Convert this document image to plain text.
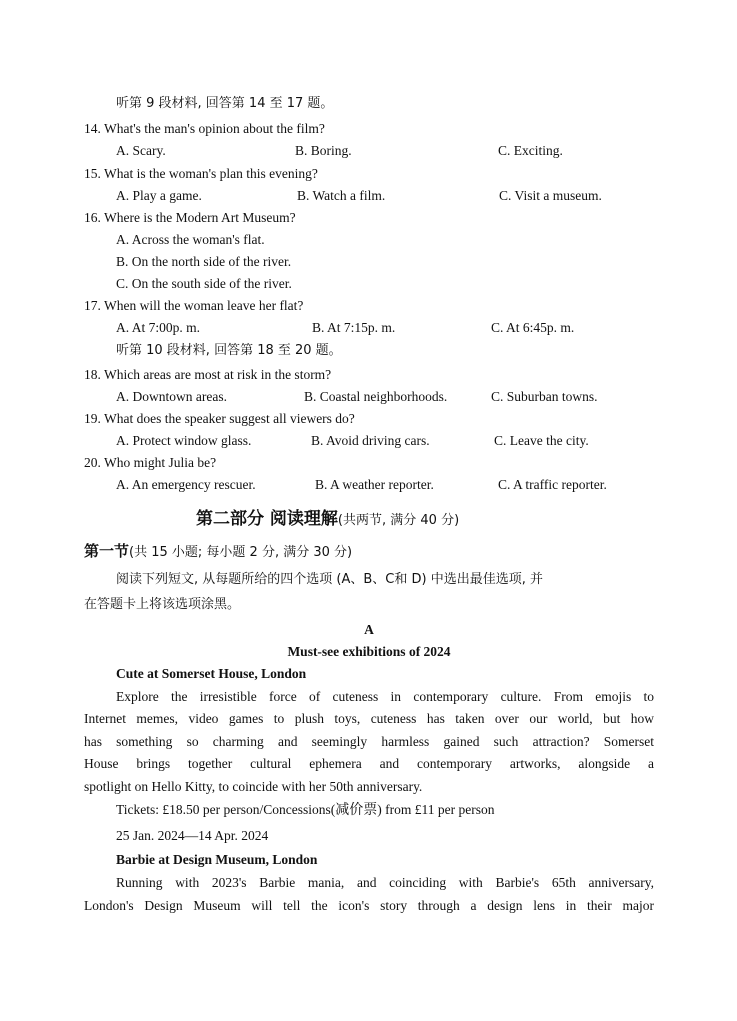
听第 9 段材料, 回答第 14 至 17 题。
14. What's the man's opinion about the film?
A. Scary.	B. Boring.	C. Exciting.
15. What is the woman's plan this evening?
A. Play a game.	B. Watch a film.	C. Visit a museum.
16. Where is the Modern Art Museum?
A. Across the woman's flat.
B. On the north side of the river.
C. On the south side of the river.
17. When will the woman leave her flat?
A. At 7:00p. m.	B. At 7:15p. m.	C. At 6:45p. m.
听第 10 段材料, 回答第 18 至 20 题。
18. Which areas are most at risk in the storm?
A. Downtown areas.	B. Coastal neighborhoods.	C. Suburban towns.
19. What does the speaker suggest all viewers do?
A. Protect window glass.	B. Avoid driving cars.	C. Leave the city.
20. Who might Julia be?
A. An emergency rescuer.	B. A weather reporter.	C. A traffic reporter.
第二部分 阅读理解(共两节, 满分 40 分)
第一节(共 15 小题; 每小题 2 分, 满分 30 分)
阅读下列短文, 从每题所给的四个选项 (A、B、C和 D) 中选出最佳选项, 并
在答题卡上将该选项涂黑。
A
Must-see exhibitions of 2024
Cute at Somerset House, London
Explore the irresistible force of cuteness in contemporary culture. From emojis to
Internet memes, video games to plush toys, cuteness has taken over our world, but how
has something so charming and seemingly harmless gained such attraction? Somerset
House brings together cultural ephemera and contemporary artworks, alongside a
spotlight on Hello Kitty, to coincide with her 50th anniversary.
Tickets: £18.50 per person/Concessions(减价票) from £11 per person
25 Jan. 2024—14 Apr. 2024
Barbie at Design Museum, London
Running with 2023's Barbie mania, and coinciding with Barbie's 65th anniversary,
London's Design Museum will tell the icon's story through a design lens in their major
